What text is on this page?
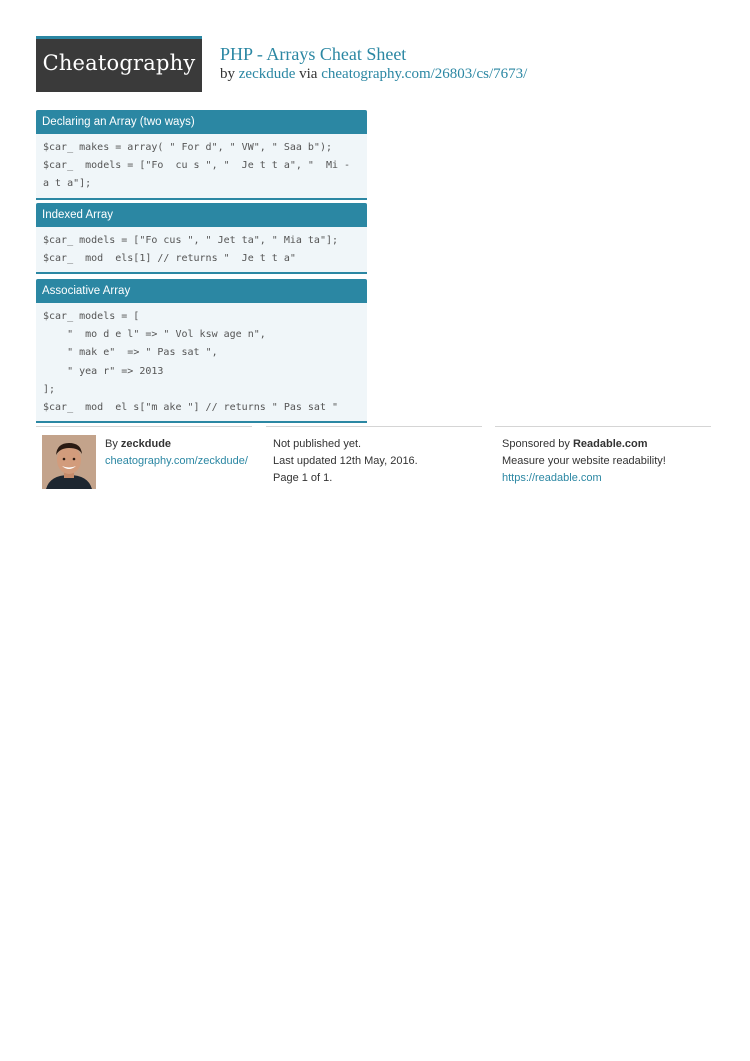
Cheatography	PHP - Arrays Cheat Sheet
by zeckdude via cheatography.com/26803/cs/7673/
Declaring an Array (two ways)
$car_ makes = array( " For d", " VW", " Saa b");
$car_  models = ["Fo  cu s ", "  Je t t a", "  Mi -
a t a"];
Indexed Array
$car_ models = ["Fo cus ", " Jet ta", " Mia ta"];
$car_  mod  els[1] // returns "  Je t t a"
Associative Array
$car_ models = [
"  mo d e l" => " Vol ksw age n",
" mak e"  => " Pas sat ",
" yea r" => 2013
];
$car_  mod  el s["m ake "] // returns " Pas sat "
By zeckdude
cheatography.com/zeckdude/
Not published yet.
Last updated 12th May, 2016.
Page 1 of 1.
Sponsored by Readable.com
Measure your website readability!
https://readable.com
